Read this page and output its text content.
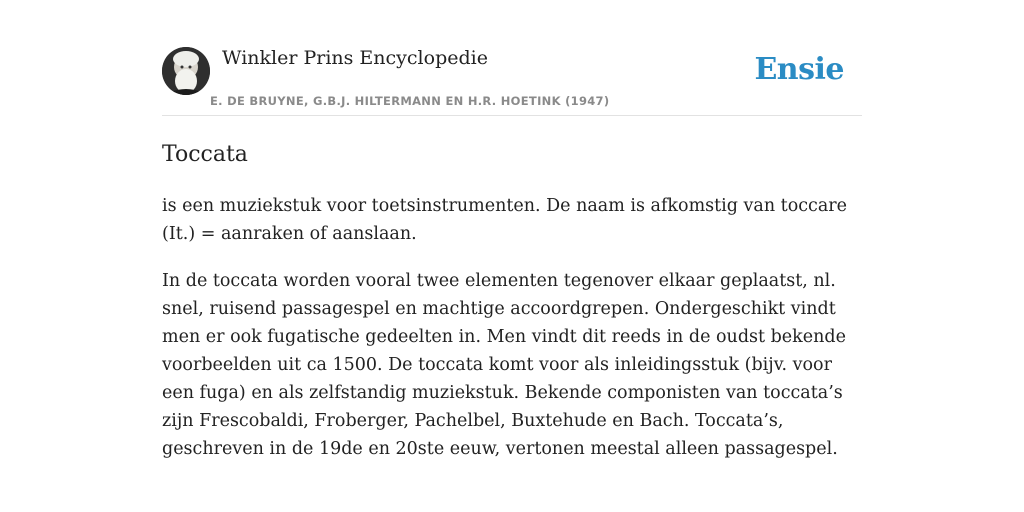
Winkler Prins Encyclopedie
E. DE BRUYNE, G.B.J. HILTERMANN EN H.R. HOETINK (1947)
Ensie
Toccata

is een muziekstuk voor toetsinstrumenten. De naam is afkomstig van toccare (It.) = aanraken of aanslaan.

In de toccata worden vooral twee elementen tegenover elkaar geplaatst, nl. snel, ruisend passagespel en machtige accoordgrepen. Ondergeschikt vindt men er ook fugatische gedeelten in. Men vindt dit reeds in de oudst bekende voorbeelden uit ca 1500. De toccata komt voor als inleidingsstuk (bijv. voor een fuga) en als zelfstandig muziekstuk. Bekende componisten van toccata’s zijn Frescobaldi, Froberger, Pachelbel, Buxtehude en Bach. Toccata’s, geschreven in de 19de en 20ste eeuw, vertonen meestal alleen passagespel.
